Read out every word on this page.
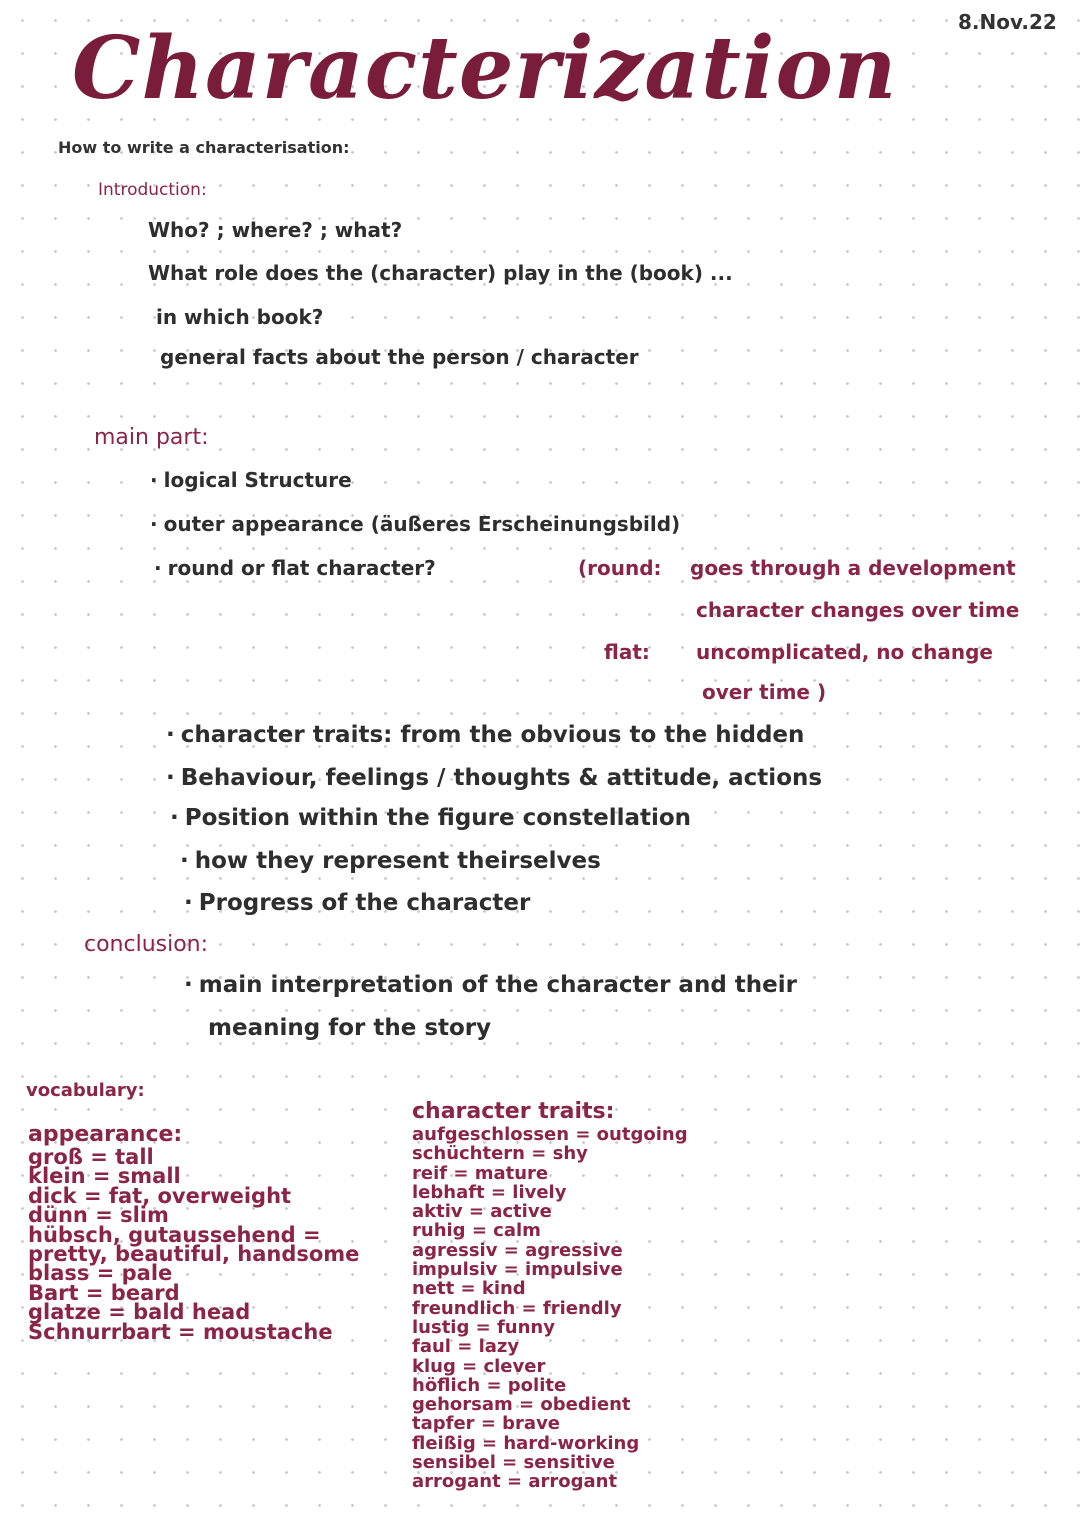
8.Nov.22
Characterization
How to write a characterisation:
Introduction:
Who? ; where? ; what?
What role does the (character) play in the (book) ...
in which book?
general facts about the person / character
main part:
· logical Structure
· outer appearance (äußeres Erscheinungsbild)
· round or flat character?	(round: goes through a development
character changes over time
flat: uncomplicated, no change
over time )
· character traits: from the obvious to the hidden
· Behaviour, feelings / thoughts & attitude, actions
· Position within the figure constellation
· how they represent theirselves
· Progress of the character
conclusion:
· main interpretation of the character and their
meaning for the story
vocabulary:
appearance:
groß = tall
klein = small
dick = fat, overweight
dünn = slim
hübsch, gutaussehend =
pretty, beautiful, handsome
blass = pale
Bart = beard
glatze = bald head
Schnurrbart = moustache
character traits:
aufgeschlossen = outgoing
schüchtern = shy
reif = mature
lebhaft = lively
aktiv = active
ruhig = calm
agressiv = agressive
impulsiv = impulsive
nett = kind
freundlich = friendly
lustig = funny
faul = lazy
klug = clever
höflich = polite
gehorsam = obedient
tapfer = brave
fleißig = hard-working
sensibel = sensitive
arrogant = arrogant
